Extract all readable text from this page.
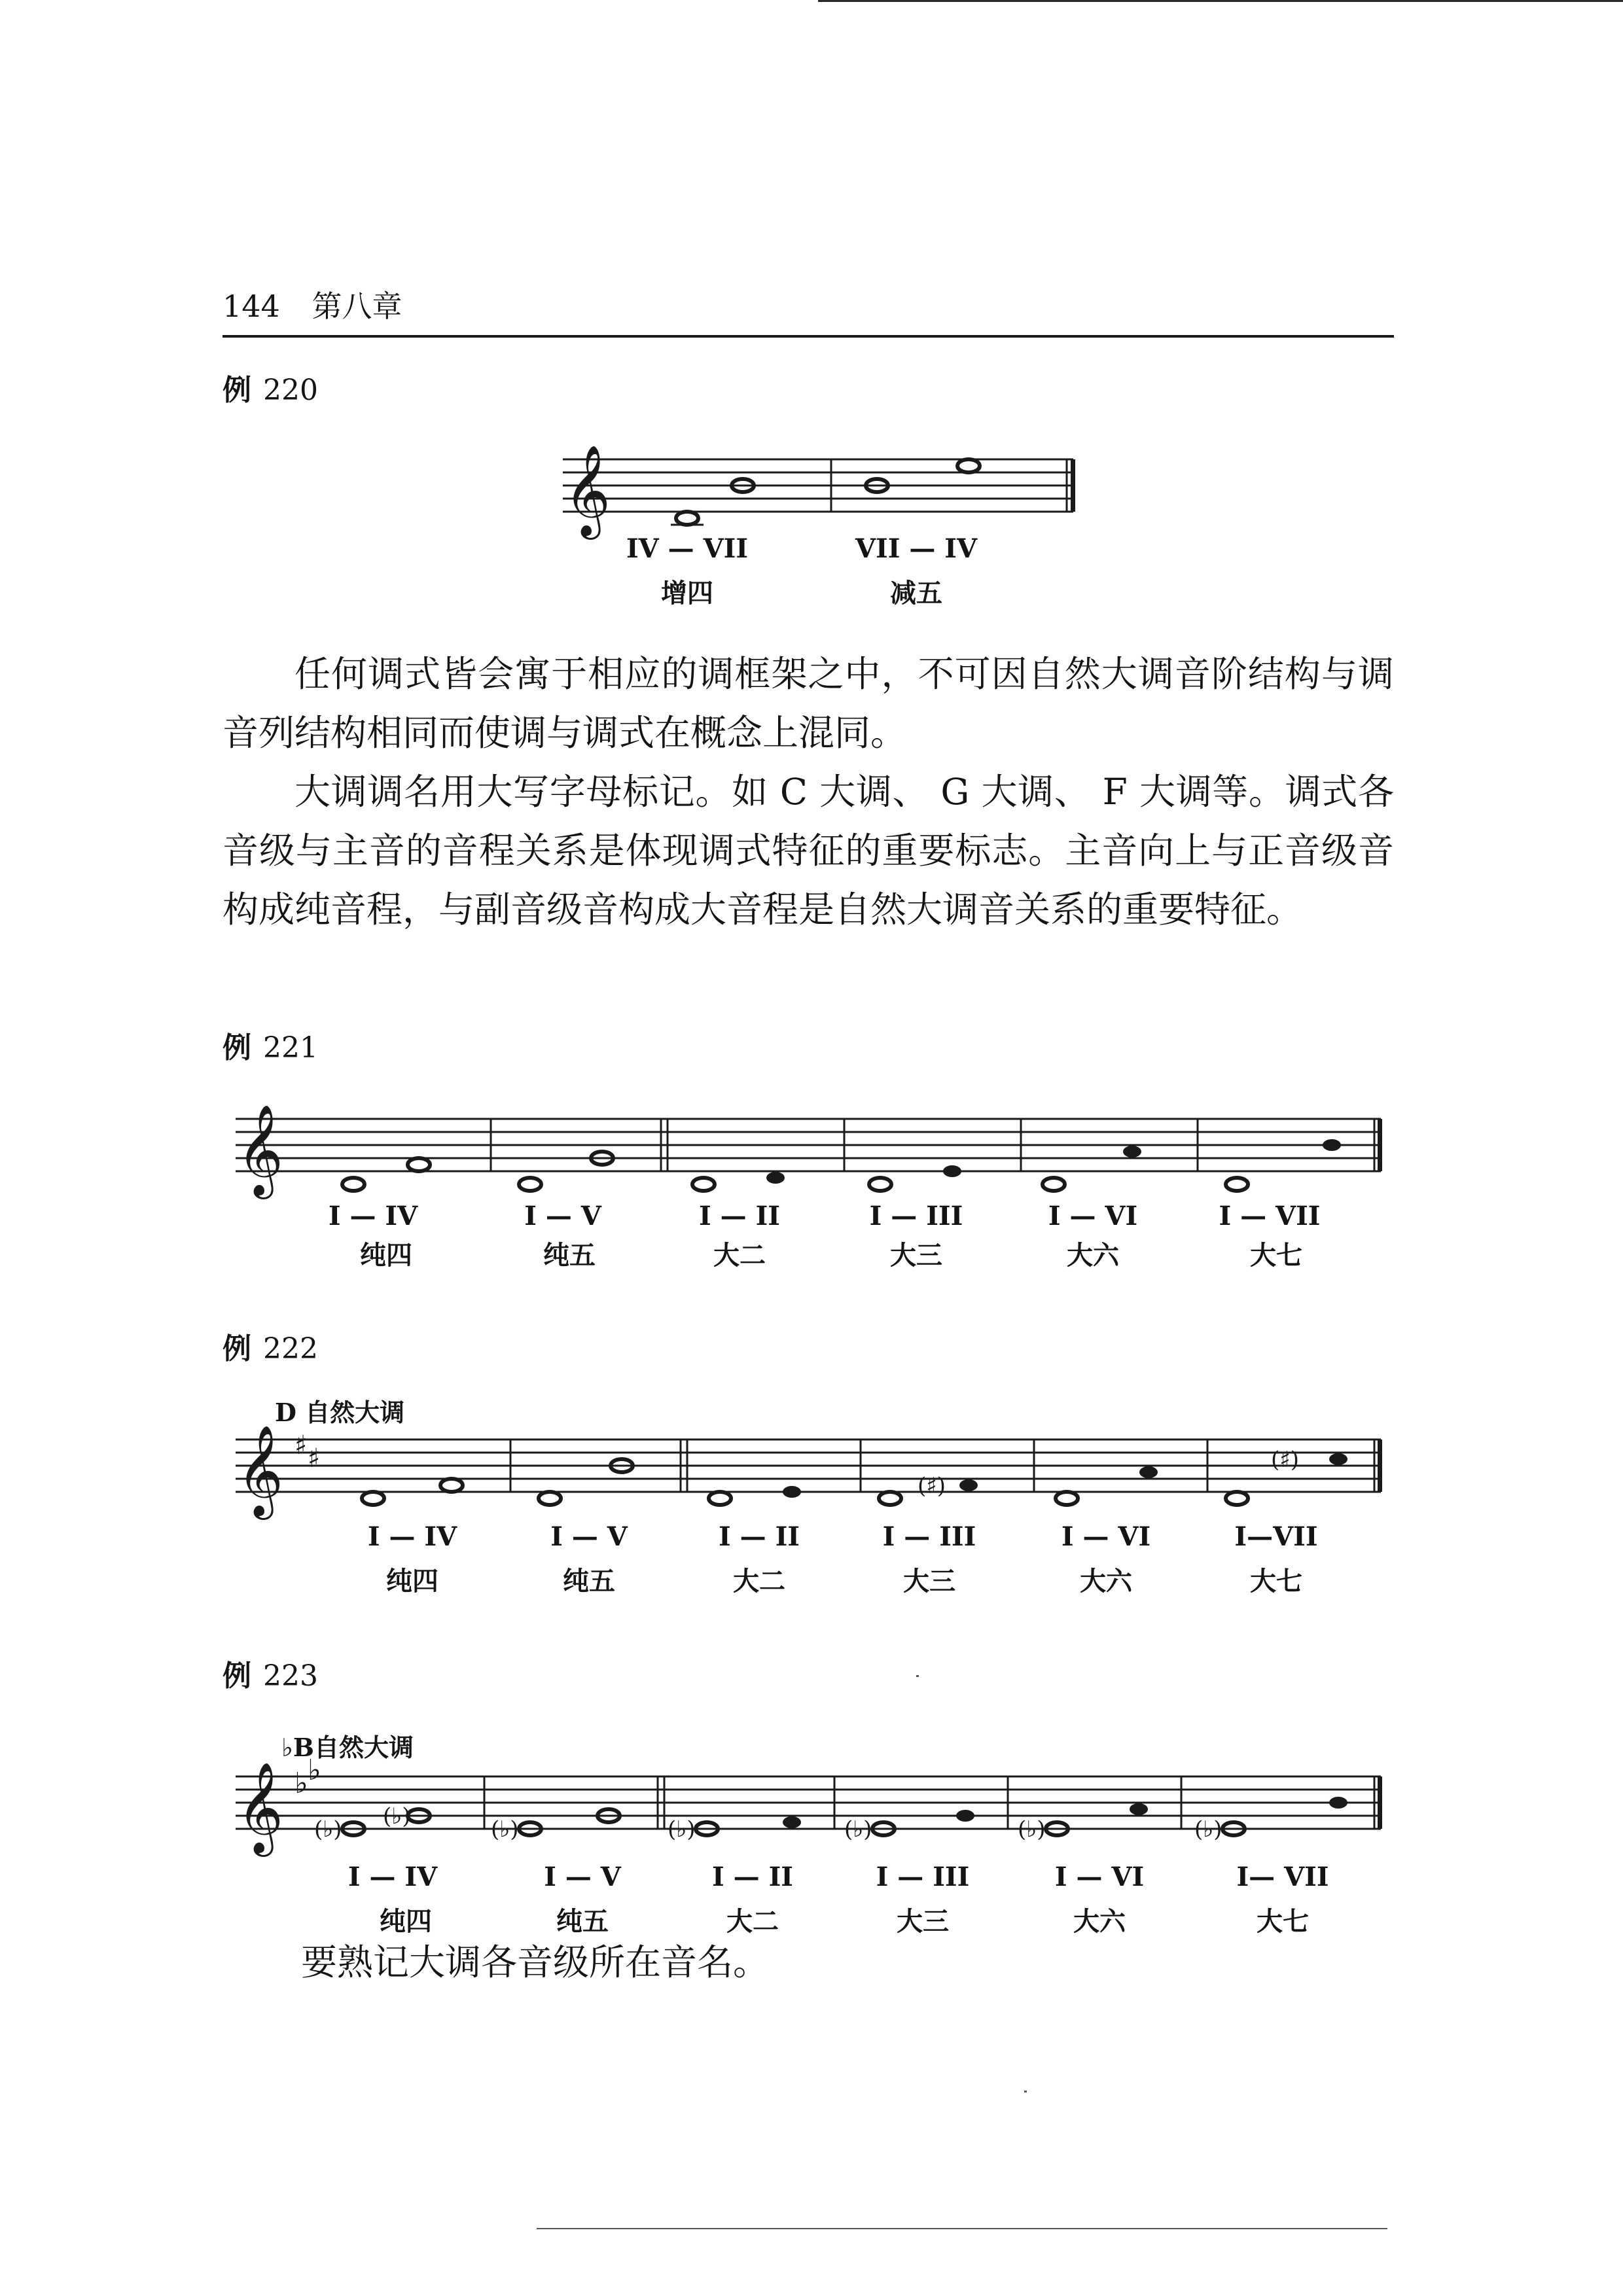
144 第八章
例 220
𝄞
IV — VII	VII — IV
增四	减五

任何调式皆会寓于相应的调框架之中，不可因自然大调音阶结构与调音列结构相同而使调与调式在概念上混同。

大调调名用大写字母标记。如 C 大调、 G 大调、 F 大调等。调式各音级与主音的音程关系是体现调式特征的重要标志。主音向上与正音级音构成纯音程，与副音级音构成大音程是自然大调音关系的重要特征。

例 221
𝄞
I — IV	I — V	I — II	I — III	I — VI	I — VII
纯四	纯五	大二	大三	大六	大七
例 222
D 自然大调
𝄞 ♯ ♯
(♯)
(♯)
I — IV	I — V	I — II	I — III	I — VI	I—VII
纯四	纯五	大二	大三	大六	大七
例 223
♭B自然大调
𝄞 ♭ ♭
(♭) (♭)	(♭)	(♭)	(♭)	(♭)	(♭)
I — IV	I — V	I — II	I — III	I — VI	I— VII
纯四	纯五	大二	大三	大六	大七
要熟记大调各音级所在音名。
